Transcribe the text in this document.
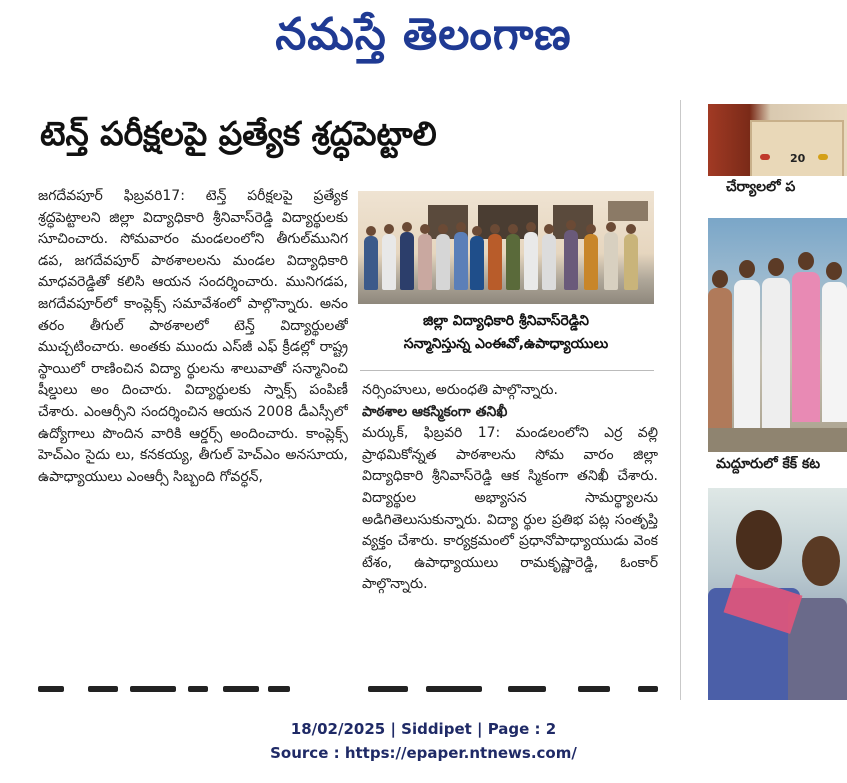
నమస్తే తెలంగాణ
టెన్త్ పరీక్షలపై ప్రత్యేక శ్రద్ధపెట్టాలి

జగదేవపూర్ ఫిబ్రవరి17: టెన్త్ పరీక్షలపై ప్రత్యేక శ్రద్ధపెట్టాలని జిల్లా విద్యాధికారి శ్రీనివాస్‌రెడ్డి విద్యార్థులకు సూచించారు. సోమవారం మండలంలోని తీగుల్‌మునిగ డప, జగదేవపూర్ పాఠశాలలను మండల విద్యాధికారి మాధవరెడ్డితో కలిసి ఆయన సందర్శించారు. మునిగడప, జగదేవపూర్‌లో కాంప్లెక్స్ సమావేశంలో పాల్గొన్నారు. అనం తరం తీగుల్ పాఠశాలలో టెన్త్ విద్యార్థులతో ముచ్చటించారు. అంతకు ముందు ఎస్‌జీ ఎఫ్ క్రీడల్లో రాష్ట్ర స్థాయిలో రాణించిన విద్యా ర్థులను శాలువాతో సన్మానించి షీల్డులు అం దించారు. విద్యార్థులకు స్నాక్స్ పంపిణీ చేశారు. ఎంఆర్సీని సందర్శించిన ఆయన 2008 డీఎస్సీలో ఉద్యోగాలు పొందిన వారికి ఆర్డర్స్ అందించారు. కాంప్లెక్స్ హెచ్ఎం సైదు లు, కనకయ్య, తీగుల్ హెచ్ఎం అనసూయ, ఉపాధ్యాయులు ఎంఆర్సీ సిబ్బంది గోవర్ధన్,

జిల్లా విద్యాధికారి శ్రీనివాస్‌రెడ్డిని
సన్మానిస్తున్న ఎంఈవో,ఉపాధ్యాయులు

నర్సింహులు, అరుంధతి పాల్గొన్నారు.

పాఠశాల ఆకస్మికంగా తనిఖీ

మర్కుక్, ఫిబ్రవరి 17: మండలంలోని ఎర్ర వల్లి ప్రాథమికోన్నత పాఠశాలను సోమ వారం జిల్లా విద్యాధికారి శ్రీనివాస్‌రెడ్డి ఆక స్మికంగా తనిఖీ చేశారు. విద్యార్థుల అభ్యాసన సామర్థ్యాలను అడిగితెలుసుకున్నారు. విద్యా ర్థుల ప్రతిభ పట్ల సంతృప్తి వ్యక్తం చేశారు. కార్యక్రమంలో ప్రధానోపాధ్యాయుడు వెంక టేశం, ఉపాధ్యాయులు రామకృష్ణారెడ్డి, ఓంకార్ పాల్గొన్నారు.

20
చేర్యాలలో ప
మద్దూరులో కేక్ కట
18/02/2025 | Siddipet | Page : 2
Source : https://epaper.ntnews.com/
